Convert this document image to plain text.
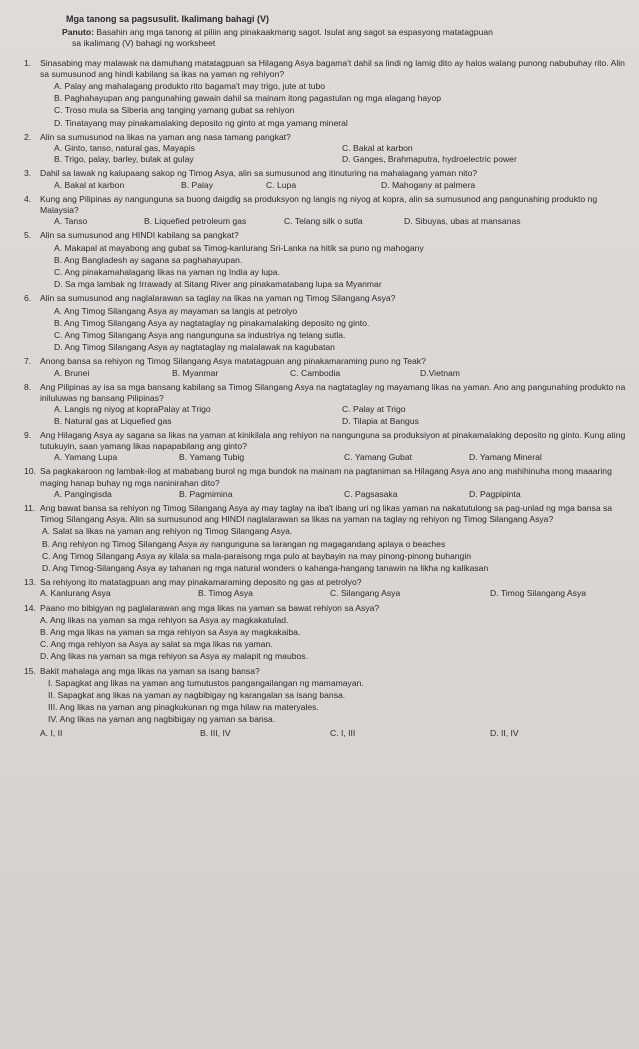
Mga tanong sa pagsusulit. Ikalimang bahagi (V)
Panuto: Basahin ang mga tanong at piliin ang pinakaakmang sagot. Isulat ang sagot sa espasyong matatagpuan
sa ikalimang (V) bahagi ng worksheet
1. Sinasabing may malawak na damuhang matatagpuan sa Hilagang Asya bagama't dahil sa lindi ng lamig dito ay halos walang punong nabubuhay rito. Alin sa sumusunod ang hindi kabilang sa ikas na yaman ng rehiyon?
A. Palay ang mahalagang produkto rito bagama't may trigo, jute at tubo
B. Paghahayupan ang pangunahing gawain dahil sa mainam itong pagastulan ng mga alagang hayop
C. Troso mula sa Siberia ang tanging yamang gubat sa rehiyon
D. Tinatayang may pinakamalaking deposito ng ginto at mga yamang mineral
2. Alin sa sumusunod na likas na yaman ang nasa tamang pangkat?
A. Ginto, tanso, natural gas, Mayapis	C. Bakal at karbon
B. Trigo, palay, barley, bulak at gulay	D. Ganges, Brahmaputra, hydroelectric power
3. Dahil sa lawak ng kalupaang sakop ng Timog Asya, alin sa sumusunod ang itinuturing na mahalagang yaman nito?
A. Bakal at karbon	B. Palay	C. Lupa	D. Mahogany at palmera
4. Kung ang Pilipinas ay nangunguna sa buong daigdig sa produksyon ng langis ng niyog at kopra, alin sa sumusunod ang pangunahing produkto ng Malaysia?
A. Tanso	B. Liquefied petroleum gas	C. Telang silk o sutla	D. Sibuyas, ubas at mansanas
5. Alin sa sumusunod ang HINDI kabilang sa pangkat?
A. Makapal at mayabong ang gubat sa Timog-kanlurang Sri-Lanka na hitik sa puno ng mahogany
B. Ang Bangladesh ay sagana sa paghahayupan.
C. Ang pinakamahalagang likas na yaman ng India ay lupa.
D. Sa mga lambak ng Irrawady at Sitang River ang pinakamatabang lupa sa Myanmar
6. Alin sa sumusunod ang naglalarawan sa taglay na likas na yaman ng Timog Silangang Asya?
A. Ang Timog Silangang Asya ay mayaman sa langis at petrolyo
B. Ang Timog Silangang Asya ay nagtataglay ng pinakamalaking deposito ng ginto.
C. Ang Timog Silangang Asya ang nangunguna sa industriya ng telang sutla.
D. Ang Timog Silangang Asya ay nagtataglay ng malalawak na kagubatan
7. Anong bansa sa rehiyon ng Timog Silangang Asya matatagpuan ang pinakamaraming puno ng Teak?
A. Brunei	B. Myanmar	C. Cambodia	D.Vietnam
8. Ang Pilipinas ay isa sa mga bansang kabilang sa Timog Silangang Asya na nagtataglay ng mayamang likas na yaman. Ano ang pangunahing produkto na iniluluwas ng bansang Pilipinas?
A. Langis ng niyog at kopraPalay at Trigo	C. Palay at Trigo
B. Natural gas at Liquefied gas	D. Tilapia at Bangus
9. Ang Hilagang Asya ay sagana sa likas na yaman at kinikilala ang rehiyon na nangunguna sa produksiyon at pinakamalaking deposito ng ginto. Kung ating tutukuyin, saan yamang likas napapabilang ang ginto?
A. Yamang Lupa	B. Yamang Tubig	C. Yamang Gubat	D. Yamang Mineral
10. Sa pagkakaroon ng lambak-ilog at mababang burol ng mga bundok na mainam na pagtaniman sa Hilagang Asya ano ang mahihinuha mong maaaring maging hanap buhay ng mga naninirahan dito?
A. Pangingisda	B. Pagmimina	C. Pagsasaka	D. Pagpipinta
11. Ang bawat bansa sa rehiyon ng Timog Silangang Asya ay may taglay na iba't ibang uri ng likas yaman na nakatutulong sa pag-unlad ng mga bansa sa Timog Silangang Asya. Alin sa sumusunod ang HINDI naglalarawan sa likas na yaman na taglay ng rehiyon ng Timog Silangang Asya?
A. Salat sa likas na yaman ang rehiyon ng Timog Silangang Asya.
B. Ang rehiyon ng Timog Silangang Asya ay nangunguna sa larangan ng magagandang aplaya o beaches
C. Ang Timog Silangang Asya ay kilala sa mala-paraisong mga pulo at baybayin na may pinong-pinong buhangin
D. Ang Timog-Silangang Asya ay tahanan ng mga natural wonders o kahanga-hangang tanawin na likha ng kalikasan
13. Sa rehiyong ito matatagpuan ang may pinakamaraming deposito ng gas at petrolyo?
A. Kanlurang Asya	B. Timog Asya	C. Silangang Asya	D. Timog Silangang Asya
14. Paano mo bibigyan ng paglalarawan ang mga likas na yaman sa bawat rehiyon sa Asya?
A. Ang likas na yaman sa mga rehiyon sa Asya ay magkakatulad.
B. Ang mga likas na yaman sa mga rehiyon sa Asya ay magkakaiba.
C. Ang mga rehiyon sa Asya ay salat sa mga likas na yaman.
D. Ang likas na yaman sa mga rehiyon sa Asya ay malapit ng maubos.
15. Bakit mahalaga ang mga likas na yaman sa isang bansa?
I. Sapagkat ang likas na yaman ang tumutustos pangangailangan ng mamamayan.
II. Sapagkat ang likas na yaman ay nagbibigay ng karangalan sa isang bansa.
III. Ang likas na yaman ang pinagkukunan ng mga hilaw na materyales.
IV. Ang likas na yaman ang nagbibigay ng yaman sa bansa.
A. I, II	B. III, IV	C. I, III	D. II, IV
